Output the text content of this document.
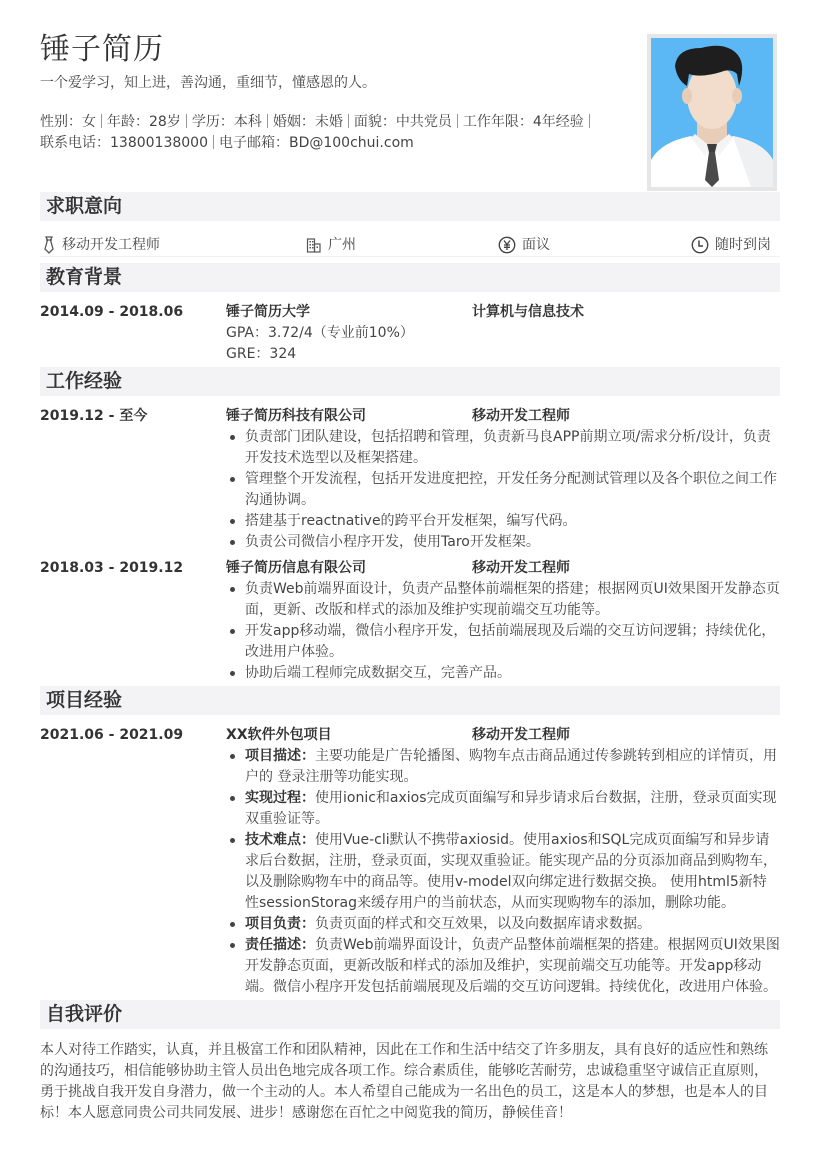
锤子简历
一个爱学习，知上进，善沟通，重细节，懂感恩的人。
性别：女 年龄：28岁 学历：本科 婚姻：未婚 面貌：中共党员 工作年限：4年经验
联系电话：13800138000 电子邮箱：BD@100chui.com
求职意向
移动开发工程师	广州	面议	随时到岗
教育背景
2014.09 - 2018.06	锤子简历大学	计算机与信息技术
GPA：3.72/4（专业前10%）
GRE：324
工作经验
2019.12 - 至今	锤子简历科技有限公司	移动开发工程师
负责部门团队建设，包括招聘和管理，负责新马良APP前期立项/需求分析/设计，负责开发技术选型以及框架搭建。
管理整个开发流程，包括开发进度把控，开发任务分配测试管理以及各个职位之间工作沟通协调。
搭建基于reactnative的跨平台开发框架，编写代码。
负责公司微信小程序开发，使用Taro开发框架。
2018.03 - 2019.12	锤子简历信息有限公司	移动开发工程师
负责Web前端界面设计，负责产品整体前端框架的搭建；根据网页UI效果图开发静态页面，更新、改版和样式的添加及维护实现前端交互功能等。
开发app移动端，微信小程序开发，包括前端展现及后端的交互访问逻辑；持续优化，改进用户体验。
协助后端工程师完成数据交互，完善产品。
项目经验
2021.06 - 2021.09	XX软件外包项目	移动开发工程师
项目描述：主要功能是广告轮播图、购物车点击商品通过传参跳转到相应的详情页，用户的 登录注册等功能实现。
实现过程：使用ionic和axios完成页面编写和异步请求后台数据，注册，登录页面实现双重验证等。
技术难点：使用Vue-cli默认不携带axiosid。使用axios和SQL完成页面编写和异步请求后台数据，注册，登录页面，实现双重验证。能实现产品的分页添加商品到购物车，以及删除购物车中的商品等。使用v-model双向绑定进行数据交换。 使用html5新特性sessionStorag来缓存用户的当前状态，从而实现购物车的添加，删除功能。
项目负责：负责页面的样式和交互效果，以及向数据库请求数据。
责任描述：负责Web前端界面设计，负责产品整体前端框架的搭建。根据网页UI效果图开发静态页面，更新改版和样式的添加及维护，实现前端交互功能等。开发app移动端。微信小程序开发包括前端展现及后端的交互访问逻辑。持续优化，改进用户体验。
自我评价
本人对待工作踏实，认真，并且极富工作和团队精神，因此在工作和生活中结交了许多朋友，具有良好的适应性和熟练的沟通技巧，相信能够协助主管人员出色地完成各项工作。综合素质佳，能够吃苦耐劳，忠诚稳重坚守诚信正直原则，勇于挑战自我开发自身潜力，做一个主动的人。本人希望自己能成为一名出色的员工，这是本人的梦想，也是本人的目标！本人愿意同贵公司共同发展、进步！感谢您在百忙之中阅览我的简历，静候佳音！
